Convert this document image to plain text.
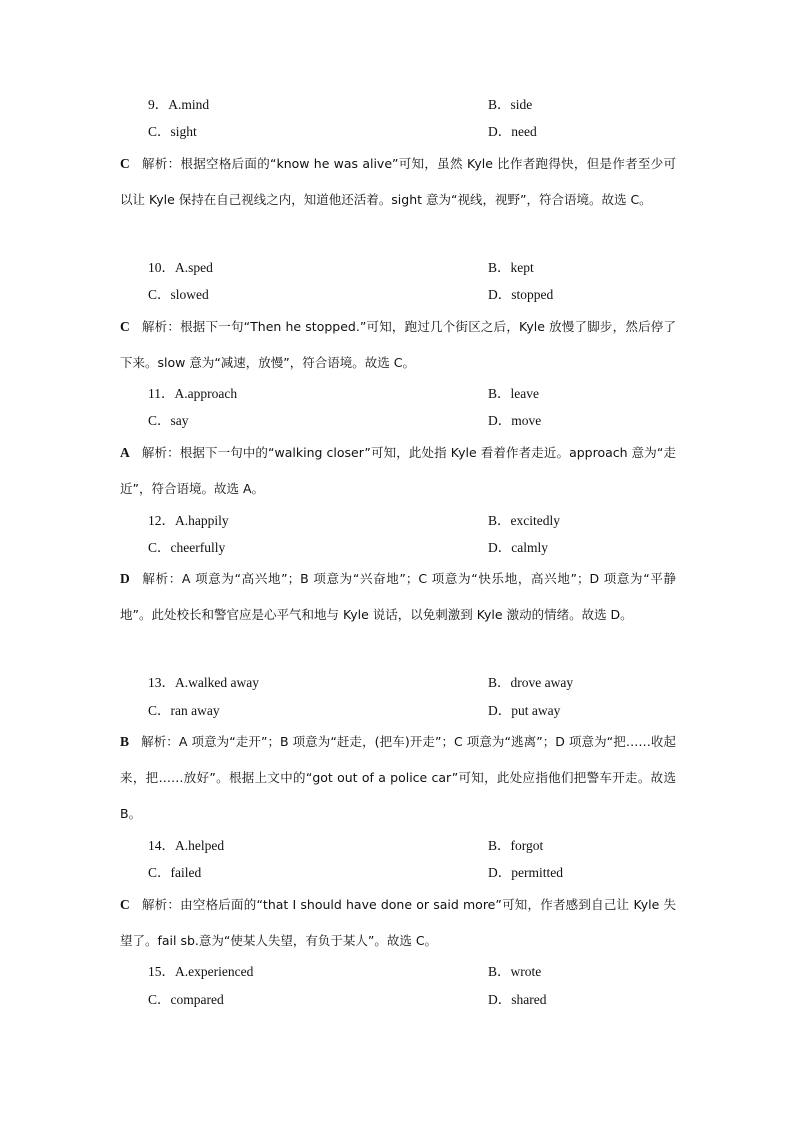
9．A.mind	B．side
C．sight	D．need
C 解析：根据空格后面的“know he was alive”可知，虽然 Kyle 比作者跑得快，但是作者至少可以让 Kyle 保持在自己视线之内，知道他还活着。sight 意为“视线，视野”，符合语境。故选 C。
10．A.sped	B．kept
C．slowed	D．stopped
C 解析：根据下一句“Then he stopped.”可知，跑过几个街区之后，Kyle 放慢了脚步，然后停了下来。slow 意为“减速，放慢”，符合语境。故选 C。
11．A.approach	B．leave
C．say	D．move
A 解析：根据下一句中的“walking closer”可知，此处指 Kyle 看着作者走近。approach 意为“走近”，符合语境。故选 A。
12．A.happily	B．excitedly
C．cheerfully	D．calmly
D 解析：A 项意为“高兴地”；B 项意为“兴奋地”；C 项意为“快乐地，高兴地”；D 项意为“平静地”。此处校长和警官应是心平气和地与 Kyle 说话，以免刺激到 Kyle 激动的情绪。故选 D。
13．A.walked away	B．drove away
C．ran away	D．put away
B 解析：A 项意为“走开”；B 项意为“赶走，(把车)开走”；C 项意为“逃离”；D 项意为“把……收起来，把……放好”。根据上文中的“got out of a police car”可知，此处应指他们把警车开走。故选 B。
14．A.helped	B．forgot
C．failed	D．permitted
C 解析：由空格后面的“that I should have done or said more”可知，作者感到自己让 Kyle 失望了。fail sb.意为“使某人失望，有负于某人”。故选 C。
15．A.experienced	B．wrote
C．compared	D．shared
